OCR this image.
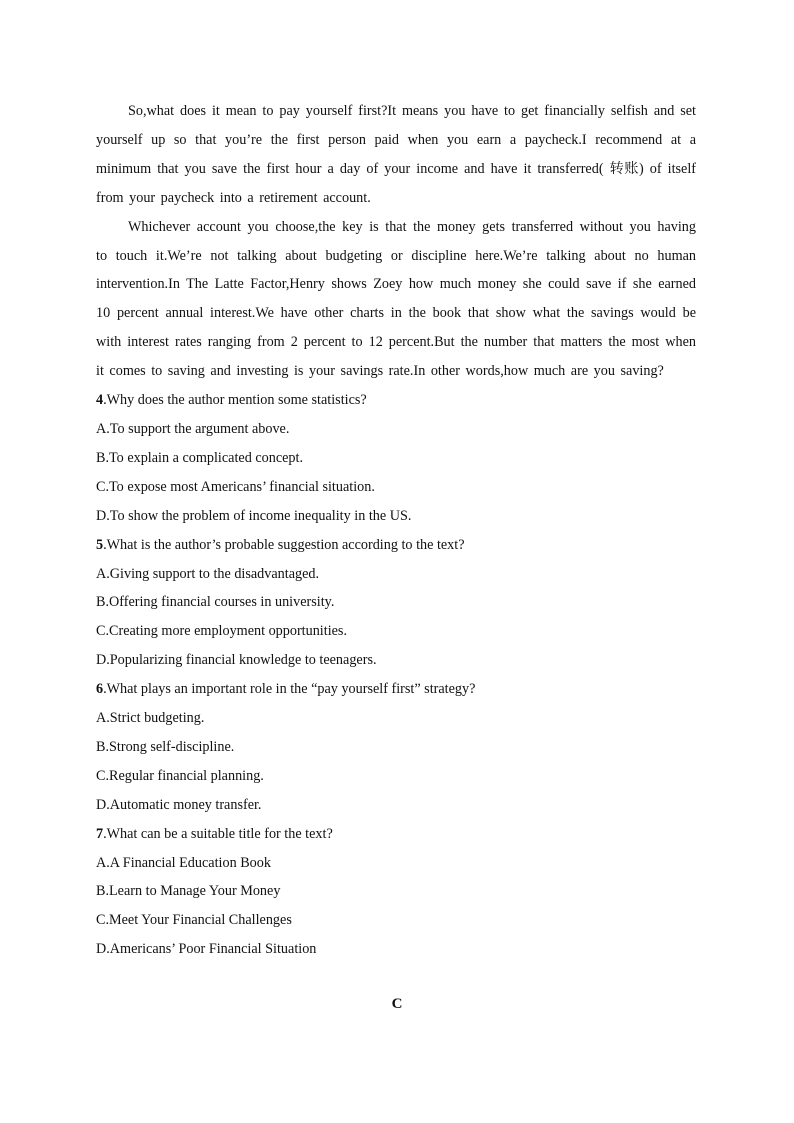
So,what does it mean to pay yourself first?It means you have to get financially selfish and set yourself up so that you’re the first person paid when you earn a paycheck.I recommend at a minimum that you save the first hour a day of your income and have it transferred( 转账) of itself from your paycheck into a retirement account.

Whichever account you choose,the key is that the money gets transferred without you having to touch it.We’re not talking about budgeting or discipline here.We’re talking about no human intervention.In The Latte Factor,Henry shows Zoey how much money she could save if she earned 10 percent annual interest.We have other charts in the book that show what the savings would be with interest rates ranging from 2 percent to 12 percent.But the number that matters the most when it comes to saving and investing is your savings rate.In other words,how much are you saving?

4.Why does the author mention some statistics?

A.To support the argument above.

B.To explain a complicated concept.

C.To expose most Americans’ financial situation.

D.To show the problem of income inequality in the US.

5.What is the author’s probable suggestion according to the text?

A.Giving support to the disadvantaged.

B.Offering financial courses in university.

C.Creating more employment opportunities.

D.Popularizing financial knowledge to teenagers.

6.What plays an important role in the “pay yourself first” strategy?

A.Strict budgeting.

B.Strong self-discipline.

C.Regular financial planning.

D.Automatic money transfer.

7.What can be a suitable title for the text?

A.A Financial Education Book

B.Learn to Manage Your Money

C.Meet Your Financial Challenges

D.Americans’ Poor Financial Situation

C
